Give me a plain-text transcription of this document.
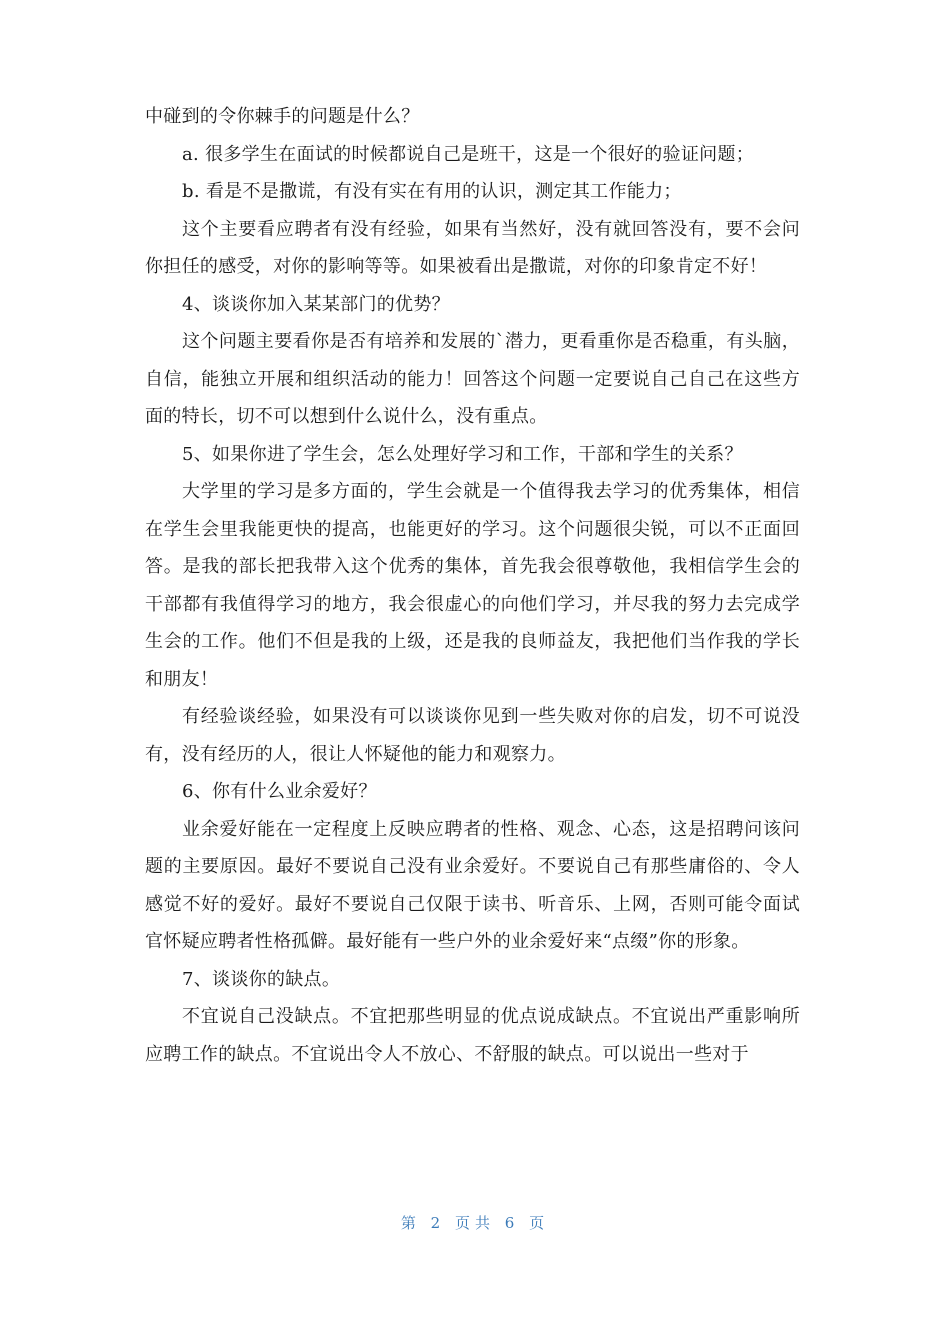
中碰到的令你棘手的问题是什么？

a. 很多学生在面试的时候都说自己是班干，这是一个很好的验证问题；

b. 看是不是撒谎，有没有实在有用的认识，测定其工作能力；

这个主要看应聘者有没有经验，如果有当然好，没有就回答没有，要不会问你担任的感受，对你的影响等等。如果被看出是撒谎，对你的印象肯定不好！

4、谈谈你加入某某部门的优势？

这个问题主要看你是否有培养和发展的`潜力，更看重你是否稳重，有头脑，自信，能独立开展和组织活动的能力！回答这个问题一定要说自己自己在这些方面的特长，切不可以想到什么说什么，没有重点。

5、如果你进了学生会，怎么处理好学习和工作，干部和学生的关系？

大学里的学习是多方面的，学生会就是一个值得我去学习的优秀集体，相信在学生会里我能更快的提高，也能更好的学习。这个问题很尖锐，可以不正面回答。是我的部长把我带入这个优秀的集体，首先我会很尊敬他，我相信学生会的干部都有我值得学习的地方，我会很虚心的向他们学习，并尽我的努力去完成学生会的工作。他们不但是我的上级，还是我的良师益友，我把他们当作我的学长和朋友！

有经验谈经验，如果没有可以谈谈你见到一些失败对你的启发，切不可说没有，没有经历的人，很让人怀疑他的能力和观察力。

6、你有什么业余爱好？

业余爱好能在一定程度上反映应聘者的性格、观念、心态，这是招聘问该问题的主要原因。最好不要说自己没有业余爱好。不要说自己有那些庸俗的、令人感觉不好的爱好。最好不要说自己仅限于读书、听音乐、上网，否则可能令面试官怀疑应聘者性格孤僻。最好能有一些户外的业余爱好来“点缀”你的形象。

7、谈谈你的缺点。

不宜说自己没缺点。不宜把那些明显的优点说成缺点。不宜说出严重影响所应聘工作的缺点。不宜说出令人不放心、不舒服的缺点。可以说出一些对于

第 2 页共 6 页
